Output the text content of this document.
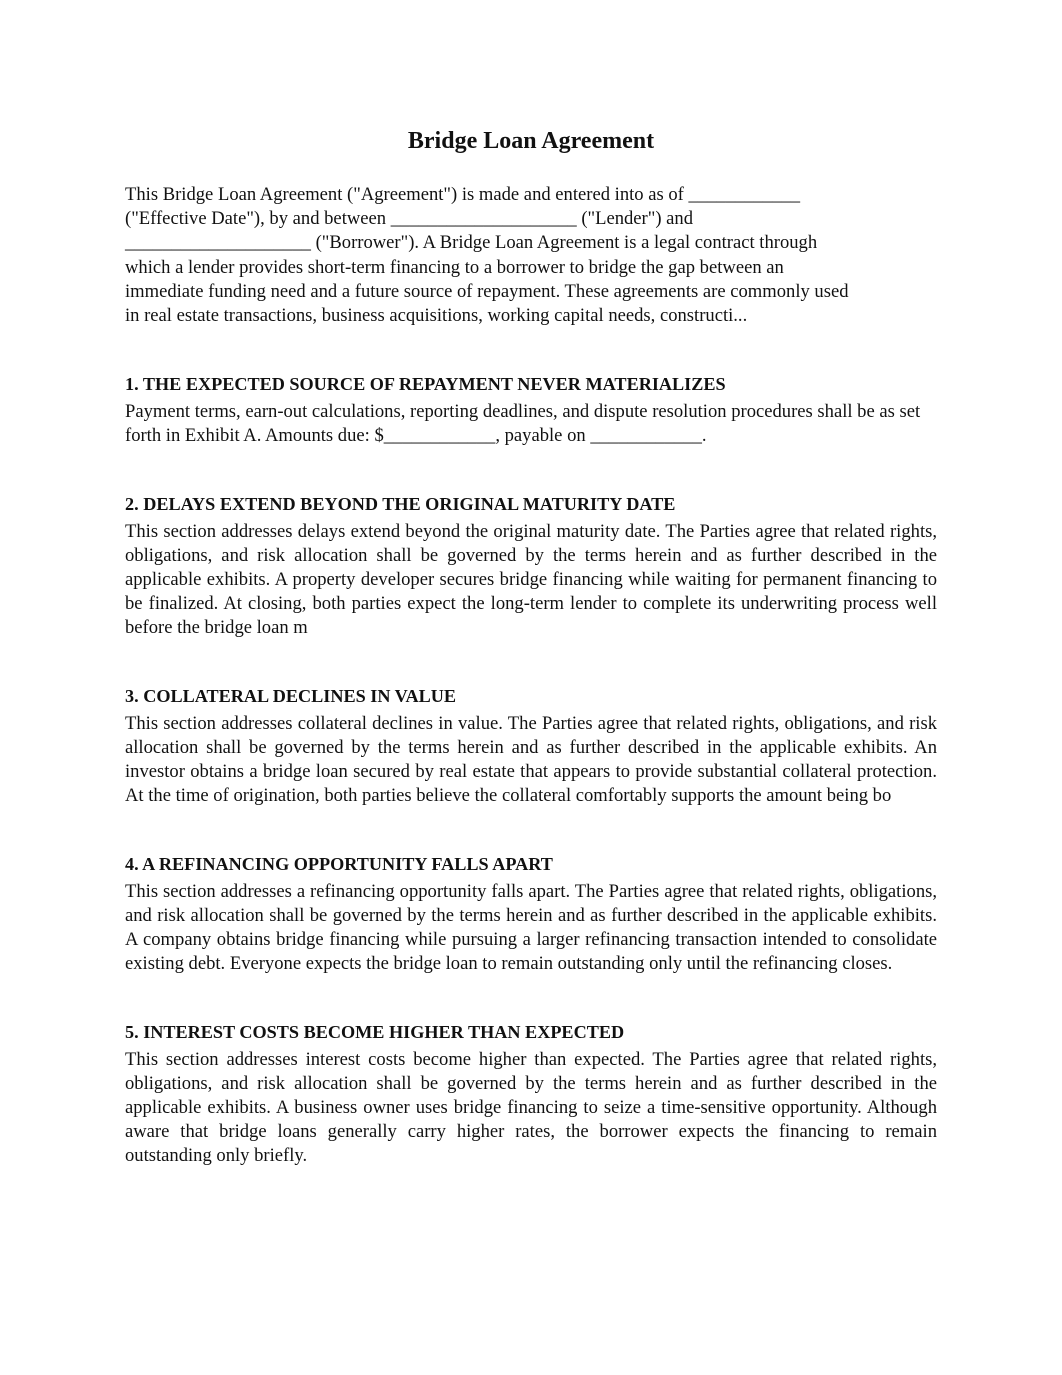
Bridge Loan Agreement

This Bridge Loan Agreement ("Agreement") is made and entered into as of ____________
("Effective Date"), by and between ____________________ ("Lender") and
____________________ ("Borrower"). A Bridge Loan Agreement is a legal contract through
which a lender provides short-term financing to a borrower to bridge the gap between an
immediate funding need and a future source of repayment. These agreements are commonly used
in real estate transactions, business acquisitions, working capital needs, constructi...

1. THE EXPECTED SOURCE OF REPAYMENT NEVER MATERIALIZES

Payment terms, earn-out calculations, reporting deadlines, and dispute resolution procedures shall be as set forth in Exhibit A. Amounts due: $____________, payable on ____________.

2. DELAYS EXTEND BEYOND THE ORIGINAL MATURITY DATE

This section addresses delays extend beyond the original maturity date. The Parties agree that related rights, obligations, and risk allocation shall be governed by the terms herein and as further described in the applicable exhibits. A property developer secures bridge financing while waiting for permanent financing to be finalized. At closing, both parties expect the long-term lender to complete its underwriting process well before the bridge loan m

3. COLLATERAL DECLINES IN VALUE

This section addresses collateral declines in value. The Parties agree that related rights, obligations, and risk allocation shall be governed by the terms herein and as further described in the applicable exhibits. An investor obtains a bridge loan secured by real estate that appears to provide substantial collateral protection. At the time of origination, both parties believe the collateral comfortably supports the amount being bo

4. A REFINANCING OPPORTUNITY FALLS APART

This section addresses a refinancing opportunity falls apart. The Parties agree that related rights, obligations, and risk allocation shall be governed by the terms herein and as further described in the applicable exhibits. A company obtains bridge financing while pursuing a larger refinancing transaction intended to consolidate existing debt. Everyone expects the bridge loan to remain outstanding only until the refinancing closes.

5. INTEREST COSTS BECOME HIGHER THAN EXPECTED

This section addresses interest costs become higher than expected. The Parties agree that related rights, obligations, and risk allocation shall be governed by the terms herein and as further described in the applicable exhibits. A business owner uses bridge financing to seize a time-sensitive opportunity. Although aware that bridge loans generally carry higher rates, the borrower expects the financing to remain outstanding only briefly.
